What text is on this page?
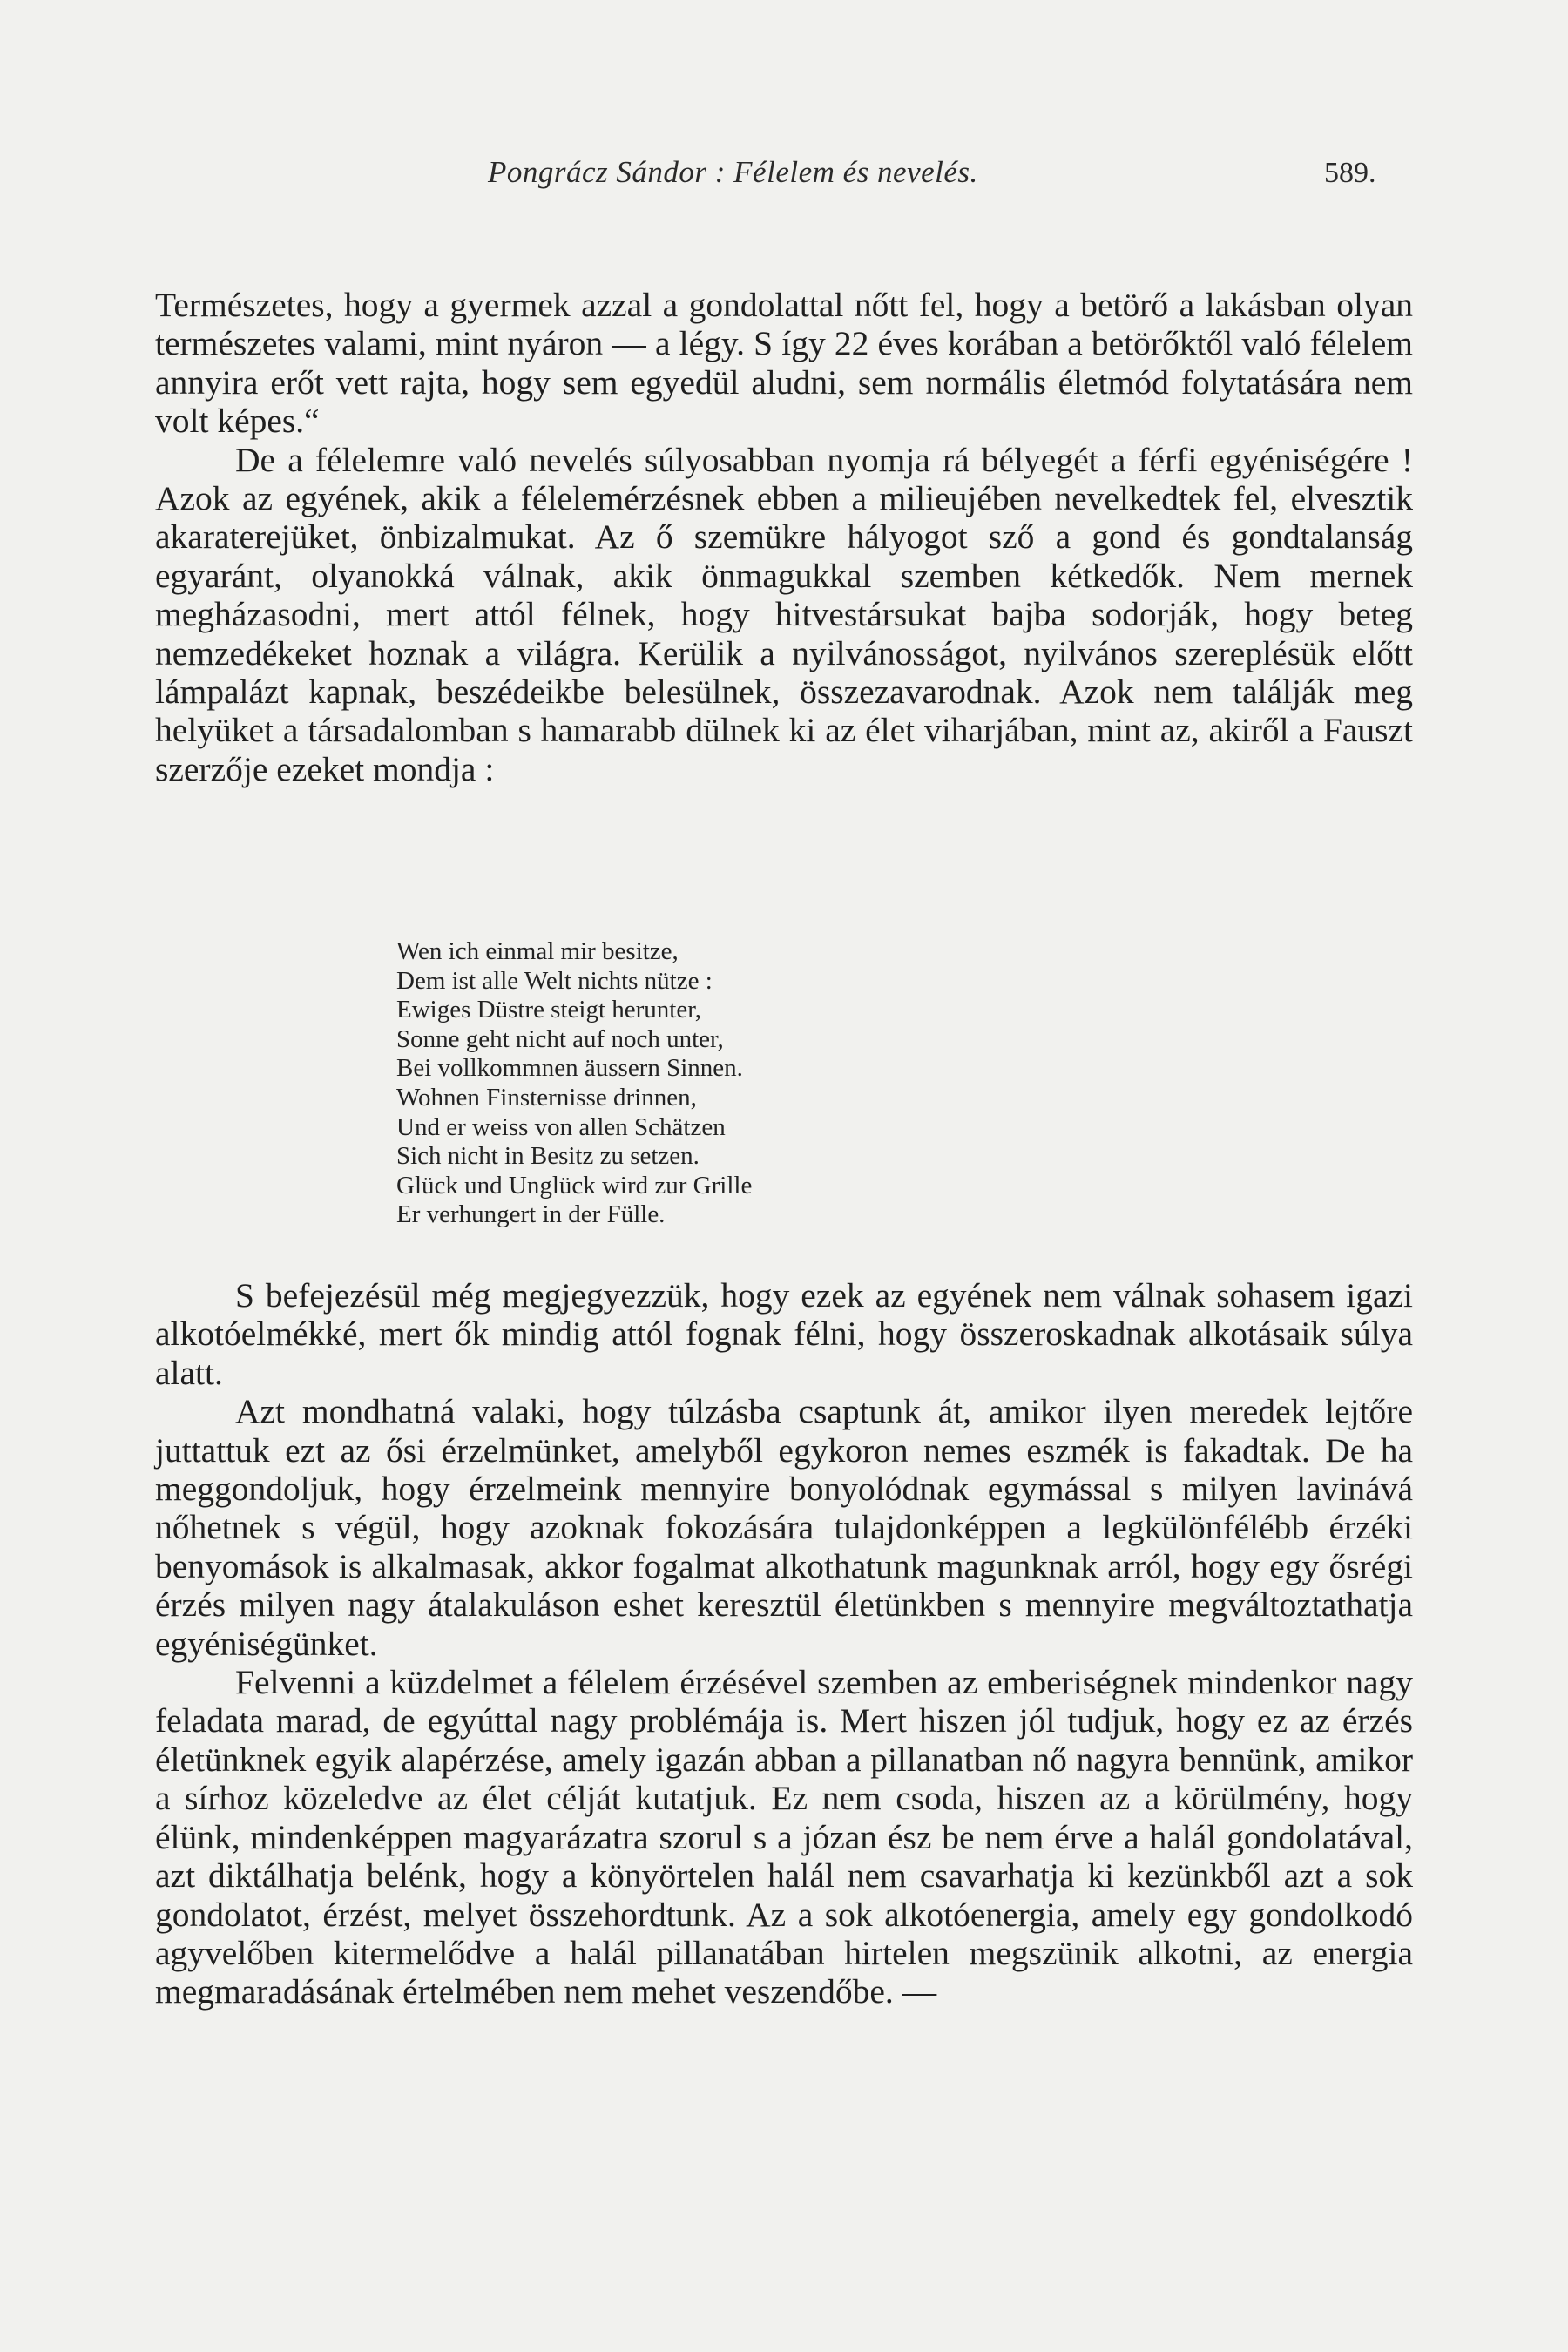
Pongrácz Sándor : Félelem és nevelés.	589.

Természetes, hogy a gyermek azzal a gondolattal nőtt fel, hogy a betörő a lakásban olyan természetes valami, mint nyáron — a légy. S így 22 éves korában a betörőktől való félelem annyira erőt vett rajta, hogy sem egyedül aludni, sem normális életmód folytatására nem volt képes.“

De a félelemre való nevelés súlyosabban nyomja rá bélyegét a férfi egyéniségére ! Azok az egyének, akik a félelemérzésnek ebben a milieujében nevelkedtek fel, elvesztik akaraterejüket, önbizalmukat. Az ő szemükre hályogot sző a gond és gondtalanság egyaránt, olyanokká válnak, akik önmagukkal szemben kétkedők. Nem mernek megházasodni, mert attól félnek, hogy hitvestársukat bajba sodorják, hogy beteg nemzedékeket hoznak a világra. Kerülik a nyilvánosságot, nyilvános szereplésük előtt lámpalázt kapnak, beszédeikbe belesülnek, összezavarodnak. Azok nem találják meg helyüket a társadalomban s hamarabb dülnek ki az élet viharjában, mint az, akiről a Fauszt szerzője ezeket mondja :

Wen ich einmal mir besitze,
Dem ist alle Welt nichts nütze :
Ewiges Düstre steigt herunter,
Sonne geht nicht auf noch unter,
Bei vollkommnen äussern Sinnen.
Wohnen Finsternisse drinnen,
Und er weiss von allen Schätzen
Sich nicht in Besitz zu setzen.
Glück und Unglück wird zur Grille
Er verhungert in der Fülle.

S befejezésül még megjegyezzük, hogy ezek az egyének nem válnak sohasem igazi alkotóelmékké, mert ők mindig attól fognak félni, hogy összeroskadnak alkotásaik súlya alatt.

Azt mondhatná valaki, hogy túlzásba csaptunk át, amikor ilyen meredek lejtőre juttattuk ezt az ősi érzelmünket, amelyből egykoron nemes eszmék is fakadtak. De ha meggondoljuk, hogy érzelmeink mennyire bonyolódnak egymással s milyen lavinává nőhetnek s végül, hogy azoknak fokozására tulajdonképpen a legkülönfélébb érzéki benyomások is alkalmasak, akkor fogalmat alkothatunk magunknak arról, hogy egy ősrégi érzés milyen nagy átalakuláson eshet keresztül életünkben s mennyire megváltoztathatja egyéniségünket.

Felvenni a küzdelmet a félelem érzésével szemben az emberiségnek mindenkor nagy feladata marad, de egyúttal nagy problémája is. Mert hiszen jól tudjuk, hogy ez az érzés életünknek egyik alapérzése, amely igazán abban a pillanatban nő nagyra bennünk, amikor a sírhoz közeledve az élet célját kutatjuk. Ez nem csoda, hiszen az a körülmény, hogy élünk, mindenképpen magyarázatra szorul s a józan ész be nem érve a halál gondolatával, azt diktálhatja belénk, hogy a könyörtelen halál nem csavarhatja ki kezünkből azt a sok gondolatot, érzést, melyet összehordtunk. Az a sok alkotóenergia, amely egy gondolkodó agyvelőben kitermelődve a halál pillanatában hirtelen megszünik alkotni, az energia megmaradásának értelmében nem mehet veszendőbe. —
